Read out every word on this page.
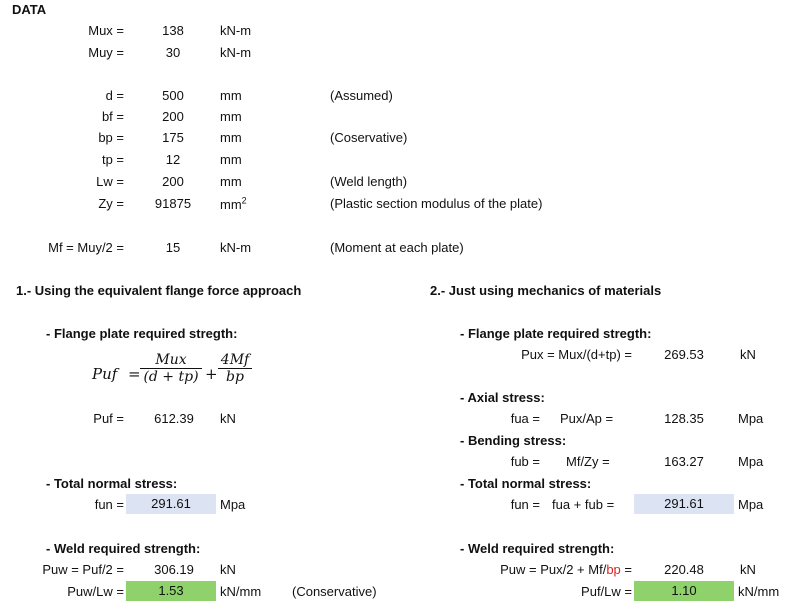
DATA
Mux =	138	kN-m
Muy =	30	kN-m
d =	500	mm	(Assumed)
bf =	200	mm
bp =	175	mm	(Coservative)
tp =	12	mm
Lw =	200	mm	(Weld length)
Zy =	91875	$mm^2$	(Plastic section modulus of the plate)
Mf = Muy/2 =	15	kN-m	(Moment at each plate)
1.- Using the equivalent flange force approach
- Flange plate required stregth:
Puf =
Mux
$(d + tp) + \frac{4Mf}{bp}$
Puf =	612.39	kN
- Total normal stress:
fun =	291.61	Mpa
- Weld required strength:
Puw = Puf/2 =	306.19	kN
Puw/Lw =	1.53	kN/mm (Conservative)
2.- Just using mechanics of materials
- Flange plate required stregth:
Pux = Mux/(d+tp) =	269.53	kN
- Axial stress:
fua = Pux/Ap =	128.35	Mpa
- Bending stress:
fub = Mf/Zy =	163.27	Mpa
- Total normal stress:
fun = fua + fub =	291.61	Mpa
- Weld required strength:
Puw = Pux/2 + Mf/bp =	220.48	kN
Puf/Lw =	1.10	kN/mm
